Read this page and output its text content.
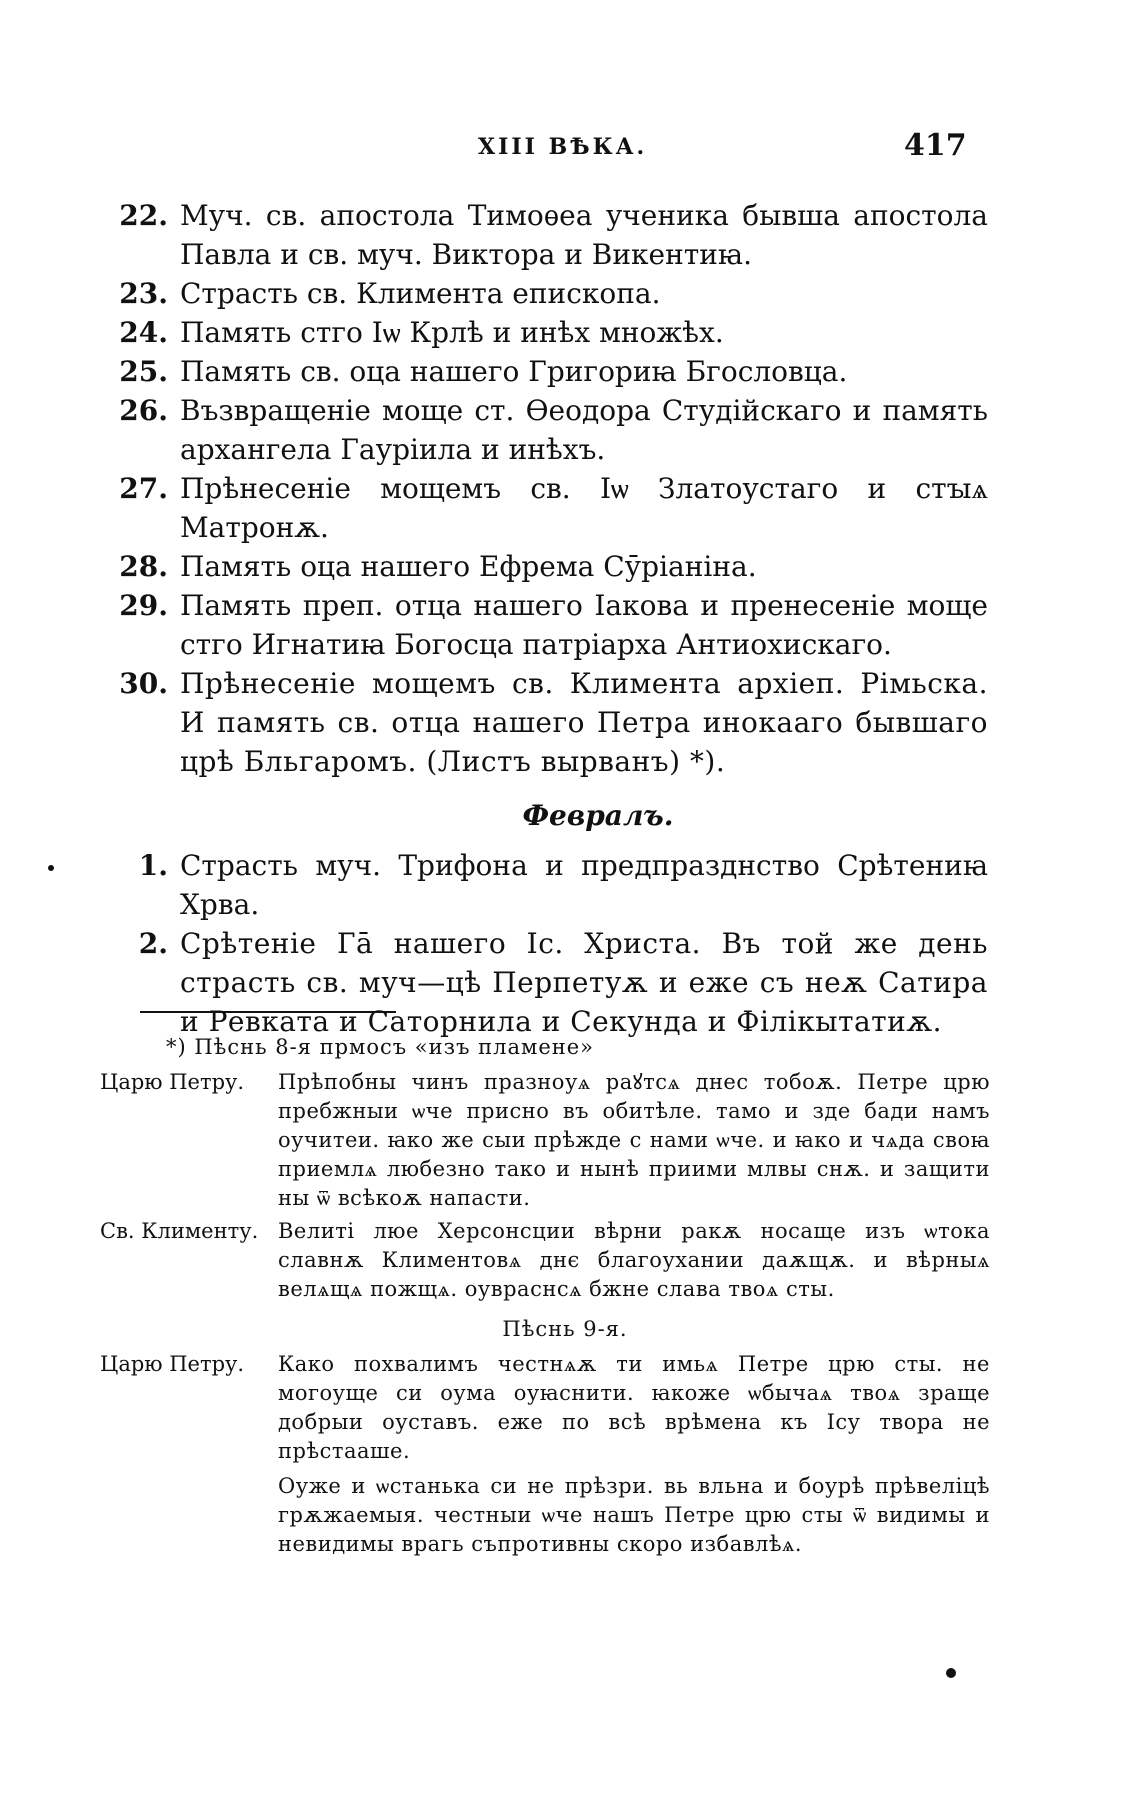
XIII ВѢКА.	417
22. Муч. св. апостола Тимоѳеа ученика бывша апостола Павла и св. муч. Виктора и Викентиꙗ.
23. Страсть св. Климента епископа.
24. Память стго Іѡ Крлѣ и инѣх множѣх.
25. Память св. оца нашего Григориꙗ Бгословца.
26. Възвращеніе моще ст. Ѳеодора Студійскаго и память архангела Гаурiила и инѣхъ.
27. Прѣнесеніе мощемъ св. Іѡ Златоустаго и стꙑѧ Матронѫ.
28. Память оца нашего Ефрема Сӯріанiна.
29. Память преп. отца нашего Іакова и пренесеніе моще стго Игнатиꙗ Богосца патріарха Антиохискаго.
30. Прѣнесеніе мощемъ св. Климента архіеп. Рімьска. И память св. отца нашего Петра инокааго бывшаго црѣ Бльгаромъ. (Листъ вырванъ) *).
Февралъ.
1. Страсть муч. Трифона и предпразднство Срѣтениꙗ Хрва.
2. Срѣтеніе Гā нашего Іс. Христа. Въ той же день страсть св. муч—цѣ Перпетуѫ и еже съ неѫ Сатира и Ревката и Саторнила и Секунда и Фiлікытатиѫ.
*) Пѣснь 8-я прмосъ «изъ пламене»
Царю Петру.	Прѣпобны чинъ празноуѧ раꙋтсѧ днес тобоѫ. Петре црю пребжныи ѡче присно въ обитѣле. тамо и зде бади намъ оучитеи. ꙗко же сыи прѣжде с нами ѡче. и ꙗко и чѧда своꙗ приемлѧ любезно тако и нынѣ приими млвы снѫ. и защити ны ѿ всѣкоѫ напасти.

Св. Клименту. Велиті люе Херсонсции вѣрни ракѫ носаще изъ ѡтока славнѫ Климентовѧ днє благоухании даѫщѫ. и вѣрныѧ велѧщѧ пожщѧ. оувраснсѧ бжне слава твоѧ сты.

Пѣснь 9-я.
Царю Петру.	Како похвалимъ честнѧѫ ти имьѧ Петре црю сты. не могоуще си оума оуꙗснити. ꙗкоже ѡбычаѧ твоѧ зраще добрыи оуставъ. еже по всѣ врѣмена къ Ісу твора не прѣстааше.

Оуже и ѡстанька си не прѣзри. вь вльна и боурѣ прѣвеліцѣ грѫжаемыя. честныи ѡче нашъ Петре црю сты ѿ видимы и невидимы врагь съпротивны скоро избавлѣѧ.
